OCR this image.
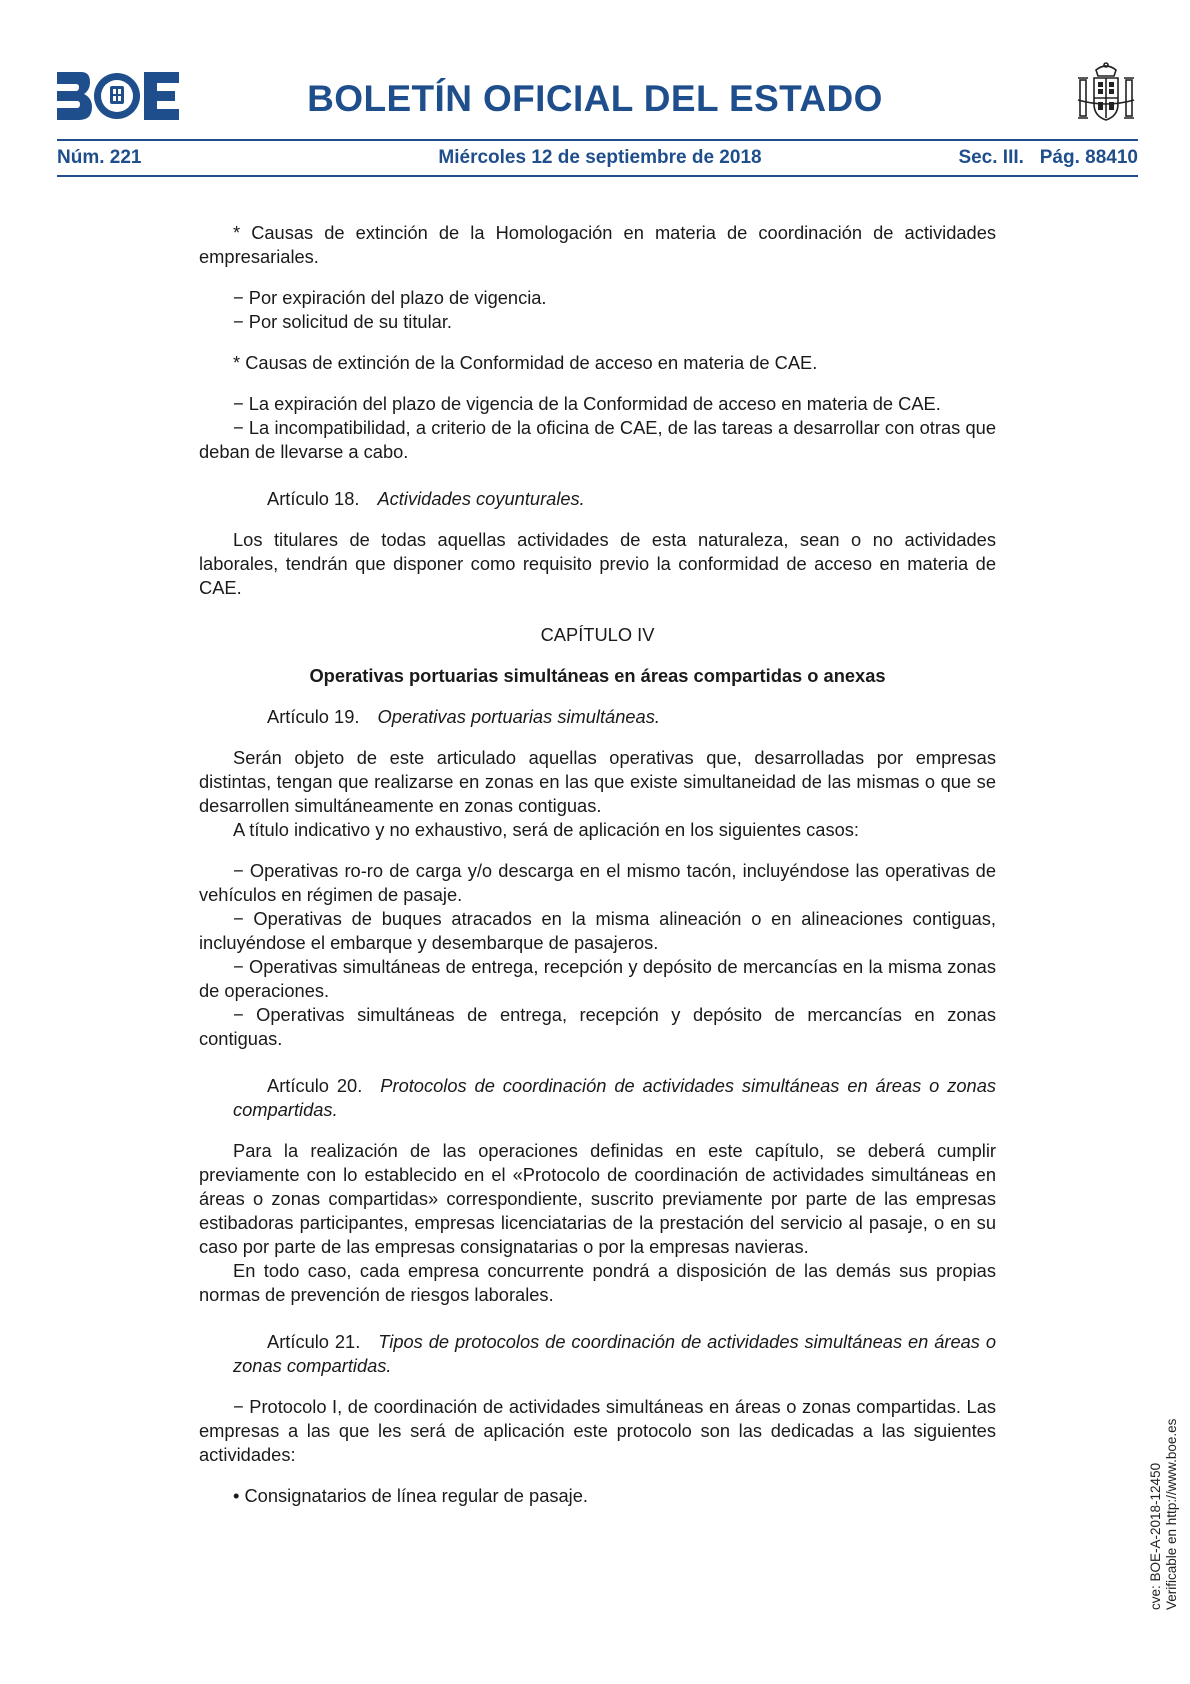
BOLETÍN OFICIAL DEL ESTADO
Núm. 221	Miércoles 12 de septiembre de 2018	Sec. III.   Pág. 88410

* Causas de extinción de la Homologación en materia de coordinación de actividades empresariales.

− Por expiración del plazo de vigencia.

− Por solicitud de su titular.

* Causas de extinción de la Conformidad de acceso en materia de CAE.

− La expiración del plazo de vigencia de la Conformidad de acceso en materia de CAE.

− La incompatibilidad, a criterio de la oficina de CAE, de las tareas a desarrollar con otras que deban de llevarse a cabo.

Artículo 18. Actividades coyunturales.

Los titulares de todas aquellas actividades de esta naturaleza, sean o no actividades laborales, tendrán que disponer como requisito previo la conformidad de acceso en materia de CAE.

CAPÍTULO IV

Operativas portuarias simultáneas en áreas compartidas o anexas

Artículo 19. Operativas portuarias simultáneas.

Serán objeto de este articulado aquellas operativas que, desarrolladas por empresas distintas, tengan que realizarse en zonas en las que existe simultaneidad de las mismas o que se desarrollen simultáneamente en zonas contiguas.

A título indicativo y no exhaustivo, será de aplicación en los siguientes casos:

− Operativas ro-ro de carga y/o descarga en el mismo tacón, incluyéndose las operativas de vehículos en régimen de pasaje.

− Operativas de buques atracados en la misma alineación o en alineaciones contiguas, incluyéndose el embarque y desembarque de pasajeros.

− Operativas simultáneas de entrega, recepción y depósito de mercancías en la misma zonas de operaciones.

− Operativas simultáneas de entrega, recepción y depósito de mercancías en zonas contiguas.

Artículo 20. Protocolos de coordinación de actividades simultáneas en áreas o zonas compartidas.

Para la realización de las operaciones definidas en este capítulo, se deberá cumplir previamente con lo establecido en el «Protocolo de coordinación de actividades simultáneas en áreas o zonas compartidas» correspondiente, suscrito previamente por parte de las empresas estibadoras participantes, empresas licenciatarias de la prestación del servicio al pasaje, o en su caso por parte de las empresas consignatarias o por la empresas navieras.

En todo caso, cada empresa concurrente pondrá a disposición de las demás sus propias normas de prevención de riesgos laborales.

Artículo 21. Tipos de protocolos de coordinación de actividades simultáneas en áreas o zonas compartidas.

− Protocolo I, de coordinación de actividades simultáneas en áreas o zonas compartidas. Las empresas a las que les será de aplicación este protocolo son las dedicadas a las siguientes actividades:

• Consignatarios de línea regular de pasaje.	cve: BOE-A-2018-12450 Verificable en http://www.boe.es
